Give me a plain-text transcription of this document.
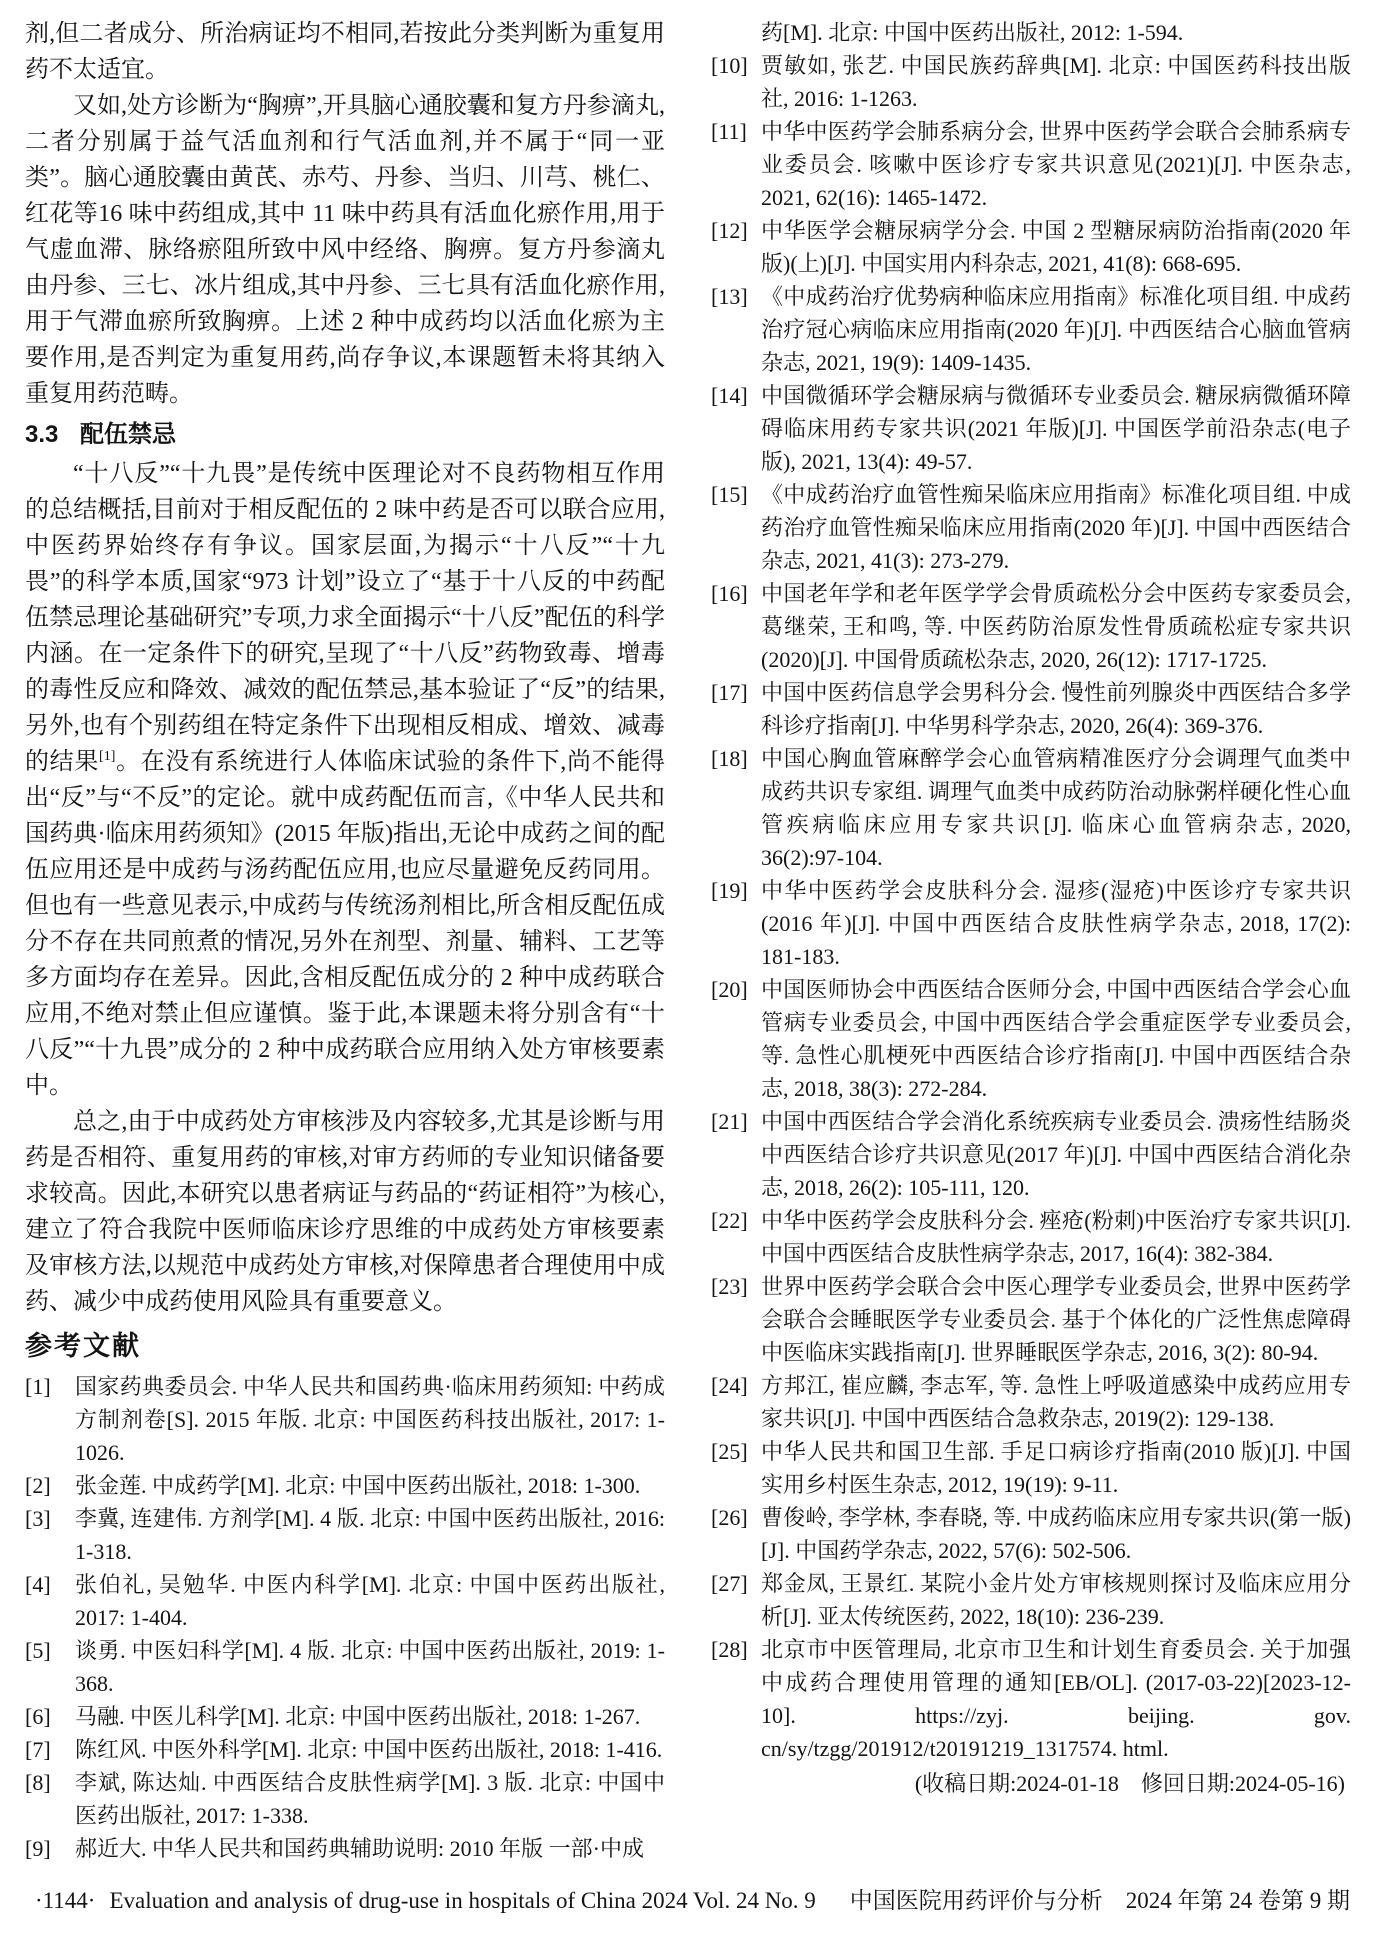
剂,但二者成分、所治病证均不相同,若按此分类判断为重复用药不太适宜。

又如,处方诊断为“胸痹”,开具脑心通胶囊和复方丹参滴丸,二者分别属于益气活血剂和行气活血剂,并不属于“同一亚类”。脑心通胶囊由黄芪、赤芍、丹参、当归、川芎、桃仁、红花等16 味中药组成,其中 11 味中药具有活血化瘀作用,用于气虚血滞、脉络瘀阻所致中风中经络、胸痹。复方丹参滴丸由丹参、三七、冰片组成,其中丹参、三七具有活血化瘀作用,用于气滞血瘀所致胸痹。上述 2 种中成药均以活血化瘀为主要作用,是否判定为重复用药,尚存争议,本课题暂未将其纳入重复用药范畴。

3.3 配伍禁忌

“十八反”“十九畏”是传统中医理论对不良药物相互作用的总结概括,目前对于相反配伍的 2 味中药是否可以联合应用,中医药界始终存有争议。国家层面,为揭示“十八反”“十九畏”的科学本质,国家“973 计划”设立了“基于十八反的中药配伍禁忌理论基础研究”专项,力求全面揭示“十八反”配伍的科学内涵。在一定条件下的研究,呈现了“十八反”药物致毒、增毒的毒性反应和降效、减效的配伍禁忌,基本验证了“反”的结果,另外,也有个别药组在特定条件下出现相反相成、增效、减毒的结果[1]。在没有系统进行人体临床试验的条件下,尚不能得出“反”与“不反”的定论。就中成药配伍而言,《中华人民共和国药典·临床用药须知》(2015 年版)指出,无论中成药之间的配伍应用还是中成药与汤药配伍应用,也应尽量避免反药同用。但也有一些意见表示,中成药与传统汤剂相比,所含相反配伍成分不存在共同煎煮的情况,另外在剂型、剂量、辅料、工艺等多方面均存在差异。因此,含相反配伍成分的 2 种中成药联合应用,不绝对禁止但应谨慎。鉴于此,本课题未将分别含有“十八反”“十九畏”成分的 2 种中成药联合应用纳入处方审核要素中。

总之,由于中成药处方审核涉及内容较多,尤其是诊断与用药是否相符、重复用药的审核,对审方药师的专业知识储备要求较高。因此,本研究以患者病证与药品的“药证相符”为核心,建立了符合我院中医师临床诊疗思维的中成药处方审核要素及审核方法,以规范中成药处方审核,对保障患者合理使用中成药、减少中成药使用风险具有重要意义。

参考文献
[1] 国家药典委员会. 中华人民共和国药典·临床用药须知: 中药成方制剂卷[S]. 2015 年版. 北京: 中国医药科技出版社, 2017: 1-1026.
[2] 张金莲. 中成药学[M]. 北京: 中国中医药出版社, 2018: 1-300.
[3] 李冀, 连建伟. 方剂学[M]. 4 版. 北京: 中国中医药出版社, 2016: 1-318.
[4] 张伯礼, 吴勉华. 中医内科学[M]. 北京: 中国中医药出版社, 2017: 1-404.
[5] 谈勇. 中医妇科学[M]. 4 版. 北京: 中国中医药出版社, 2019: 1-368.
[6] 马融. 中医儿科学[M]. 北京: 中国中医药出版社, 2018: 1-267.
[7] 陈红风. 中医外科学[M]. 北京: 中国中医药出版社, 2018: 1-416.
[8] 李斌, 陈达灿. 中西医结合皮肤性病学[M]. 3 版. 北京: 中国中医药出版社, 2017: 1-338.
[9] 郝近大. 中华人民共和国药典辅助说明: 2010 年版 一部·中成
药[M]. 北京: 中国中医药出版社, 2012: 1-594.
[10] 贾敏如, 张艺. 中国民族药辞典[M]. 北京: 中国医药科技出版社, 2016: 1-1263.
[11] 中华中医药学会肺系病分会, 世界中医药学会联合会肺系病专业委员会. 咳嗽中医诊疗专家共识意见(2021)[J]. 中医杂志, 2021, 62(16): 1465-1472.
[12] 中华医学会糖尿病学分会. 中国 2 型糖尿病防治指南(2020 年版)(上)[J]. 中国实用内科杂志, 2021, 41(8): 668-695.
[13] 《中成药治疗优势病种临床应用指南》标准化项目组. 中成药治疗冠心病临床应用指南(2020 年)[J]. 中西医结合心脑血管病杂志, 2021, 19(9): 1409-1435.
[14] 中国微循环学会糖尿病与微循环专业委员会. 糖尿病微循环障碍临床用药专家共识(2021 年版)[J]. 中国医学前沿杂志(电子版), 2021, 13(4): 49-57.
[15] 《中成药治疗血管性痴呆临床应用指南》标准化项目组. 中成药治疗血管性痴呆临床应用指南(2020 年)[J]. 中国中西医结合杂志, 2021, 41(3): 273-279.
[16] 中国老年学和老年医学学会骨质疏松分会中医药专家委员会, 葛继荣, 王和鸣, 等. 中医药防治原发性骨质疏松症专家共识(2020)[J]. 中国骨质疏松杂志, 2020, 26(12): 1717-1725.
[17] 中国中医药信息学会男科分会. 慢性前列腺炎中西医结合多学科诊疗指南[J]. 中华男科学杂志, 2020, 26(4): 369-376.
[18] 中国心胸血管麻醉学会心血管病精准医疗分会调理气血类中成药共识专家组. 调理气血类中成药防治动脉粥样硬化性心血管疾病临床应用专家共识[J]. 临床心血管病杂志, 2020, 36(2):97-104.
[19] 中华中医药学会皮肤科分会. 湿疹(湿疮)中医诊疗专家共识(2016 年)[J]. 中国中西医结合皮肤性病学杂志, 2018, 17(2): 181-183.
[20] 中国医师协会中西医结合医师分会, 中国中西医结合学会心血管病专业委员会, 中国中西医结合学会重症医学专业委员会, 等. 急性心肌梗死中西医结合诊疗指南[J]. 中国中西医结合杂志, 2018, 38(3): 272-284.
[21] 中国中西医结合学会消化系统疾病专业委员会. 溃疡性结肠炎中西医结合诊疗共识意见(2017 年)[J]. 中国中西医结合消化杂志, 2018, 26(2): 105-111, 120.
[22] 中华中医药学会皮肤科分会. 痤疮(粉刺)中医治疗专家共识[J]. 中国中西医结合皮肤性病学杂志, 2017, 16(4): 382-384.
[23] 世界中医药学会联合会中医心理学专业委员会, 世界中医药学会联合会睡眠医学专业委员会. 基于个体化的广泛性焦虑障碍中医临床实践指南[J]. 世界睡眠医学杂志, 2016, 3(2): 80-94.
[24] 方邦江, 崔应麟, 李志军, 等. 急性上呼吸道感染中成药应用专家共识[J]. 中国中西医结合急救杂志, 2019(2): 129-138.
[25] 中华人民共和国卫生部. 手足口病诊疗指南(2010 版)[J]. 中国实用乡村医生杂志, 2012, 19(19): 9-11.
[26] 曹俊岭, 李学林, 李春晓, 等. 中成药临床应用专家共识(第一版)[J]. 中国药学杂志, 2022, 57(6): 502-506.
[27] 郑金凤, 王景红. 某院小金片处方审核规则探讨及临床应用分析[J]. 亚太传统医药, 2022, 18(10): 236-239.
[28] 北京市中医管理局, 北京市卫生和计划生育委员会. 关于加强中成药合理使用管理的通知[EB/OL]. (2017-03-22)[2023-12-10]. https://zyj. beijing. gov. cn/sy/tzgg/201912/t20191219_1317574. html.
(收稿日期:2024-01-18　修回日期:2024-05-16)
·1144· Evaluation and analysis of drug-use in hospitals of China 2024 Vol. 24 No. 9 中国医院用药评价与分析　2024 年第 24 卷第 9 期
